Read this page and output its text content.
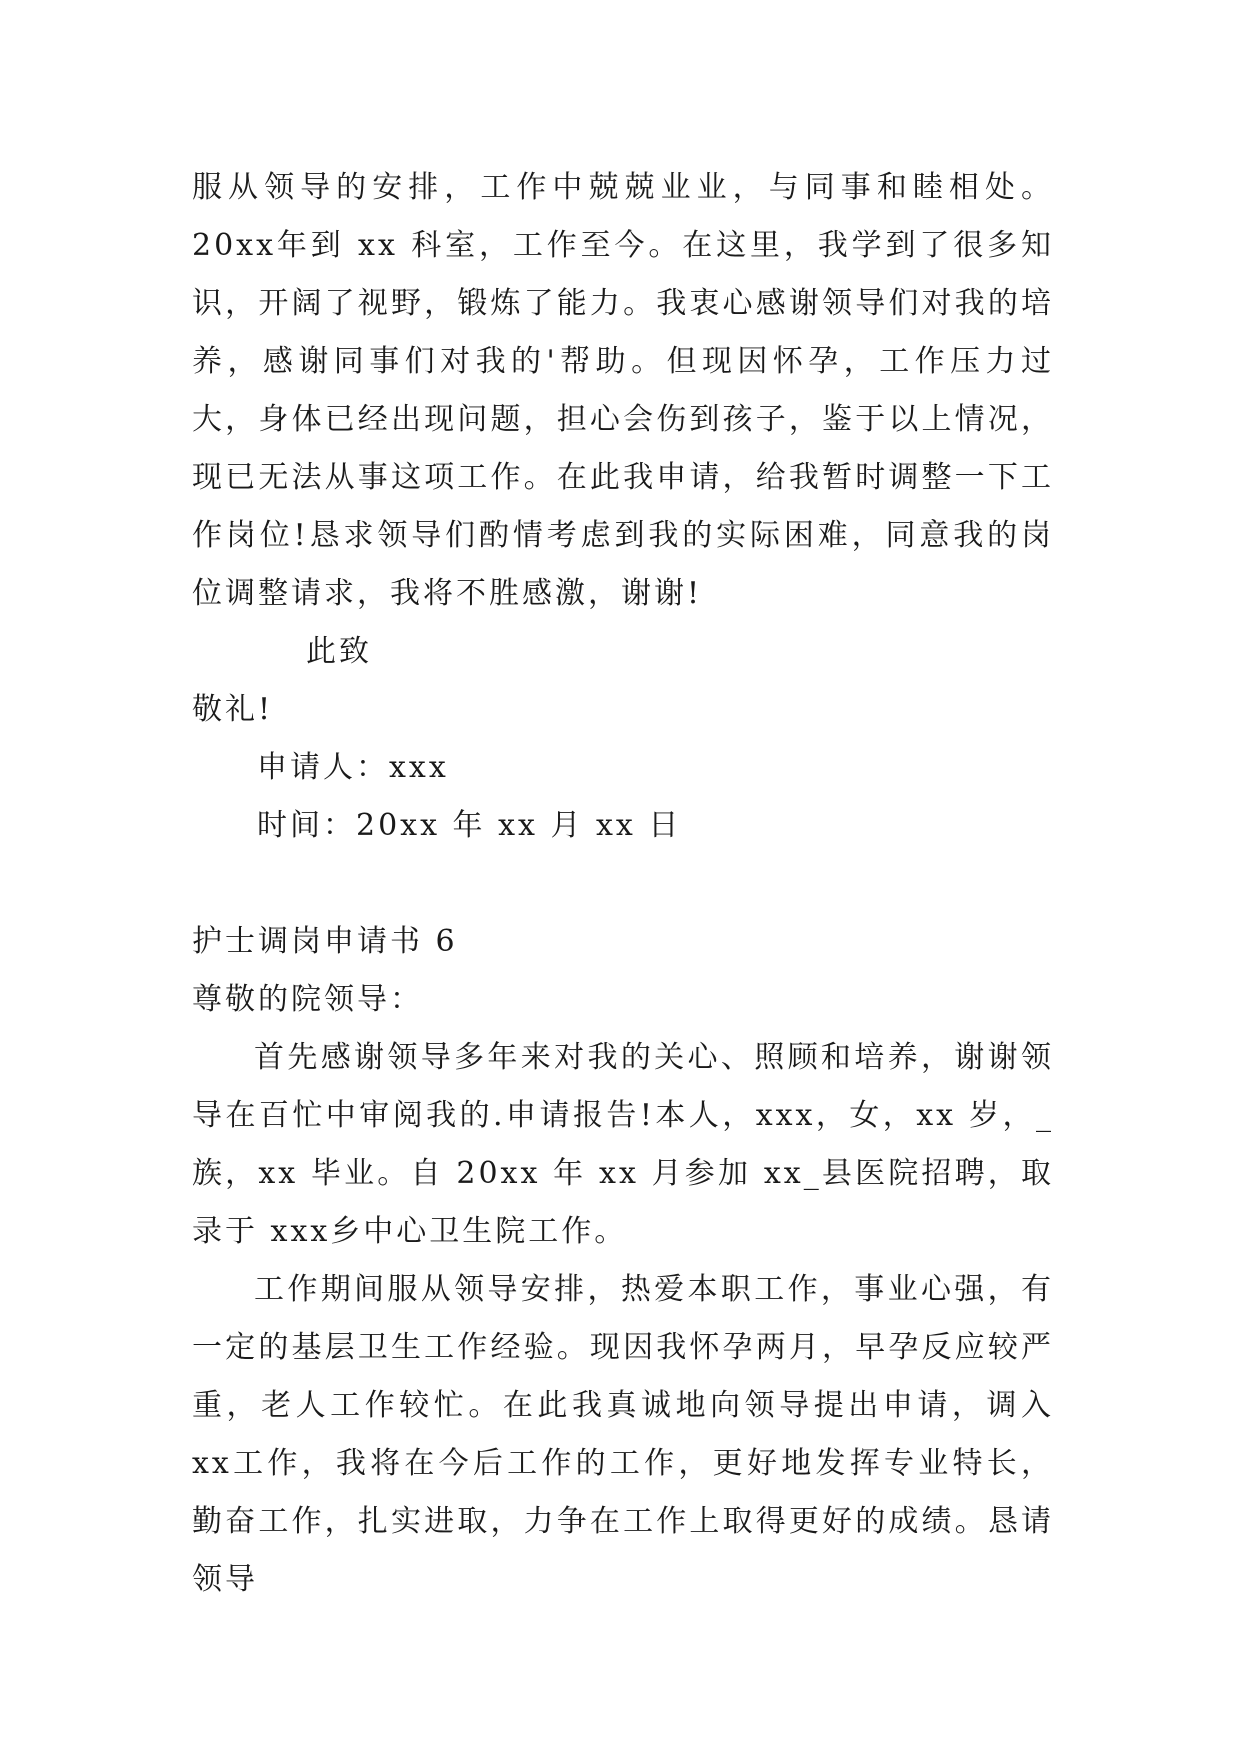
服从领导的安排，工作中兢兢业业，与同事和睦相处。20xx年到 xx 科室，工作至今。在这里，我学到了很多知识，开阔了视野，锻炼了能力。我衷心感谢领导们对我的培养，感谢同事们对我的'帮助。但现因怀孕，工作压力过大，身体已经出现问题，担心会伤到孩子，鉴于以上情况，现已无法从事这项工作。在此我申请，给我暂时调整一下工作岗位!恳求领导们酌情考虑到我的实际困难，同意我的岗位调整请求，我将不胜感激，谢谢!

此致

敬礼!

申请人：xxx

时间：20xx 年 xx 月 xx 日

护士调岗申请书 6

尊敬的院领导：

首先感谢领导多年来对我的关心、照顾和培养，谢谢领导在百忙中审阅我的.申请报告!本人，xxx，女，xx 岁，_族，xx 毕业。自 20xx 年 xx 月参加 xx_县医院招聘，取录于 xxx乡中心卫生院工作。

工作期间服从领导安排，热爱本职工作，事业心强，有一定的基层卫生工作经验。现因我怀孕两月，早孕反应较严重，老人工作较忙。在此我真诚地向领导提出申请，调入 xx工作，我将在今后工作的工作，更好地发挥专业特长，勤奋工作，扎实进取，力争在工作上取得更好的成绩。恳请领导
